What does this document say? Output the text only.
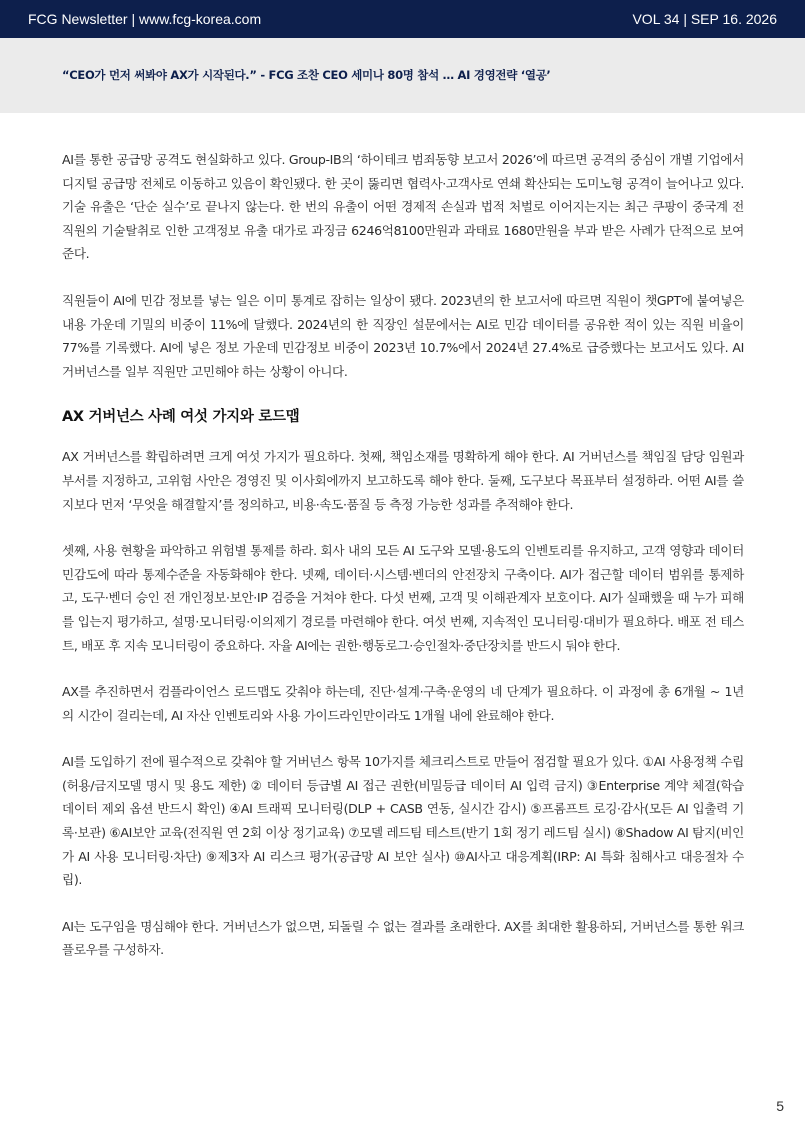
FCG Newsletter | www.fcg-korea.com	VOL 34 | SEP 16. 2026
“CEO가 먼저 써봐야 AX가 시작된다.” - FCG 조찬 CEO 세미나 80명 참석 … AI 경영전략 ‘열공’

AI를 통한 공급망 공격도 현실화하고 있다. Group-IB의 ‘하이테크 범죄동향 보고서 2026’에 따르면 공격의 중심이 개별 기업에서 디지털 공급망 전체로 이동하고 있음이 확인됐다. 한 곳이 뚫리면 협력사·고객사로 연쇄 확산되는 도미노형 공격이 늘어나고 있다. 기술 유출은 ‘단순 실수’로 끝나지 않는다. 한 번의 유출이 어떤 경제적 손실과 법적 처벌로 이어지는지는 최근 쿠팡이 중국계 전 직원의 기술탈취로 인한 고객정보 유출 대가로 과징금 6246억8100만원과 과태료 1680만원을 부과 받은 사례가 단적으로 보여준다.

직원들이 AI에 민감 정보를 넣는 일은 이미 통계로 잡히는 일상이 됐다. 2023년의 한 보고서에 따르면 직원이 챗GPT에 붙여넣은 내용 가운데 기밀의 비중이 11%에 달했다. 2024년의 한 직장인 설문에서는 AI로 민감 데이터를 공유한 적이 있는 직원 비율이 77%를 기록했다. AI에 넣은 정보 가운데 민감정보 비중이 2023년 10.7%에서 2024년 27.4%로 급증했다는 보고서도 있다. AI 거버넌스를 일부 직원만 고민해야 하는 상황이 아니다.

AX 거버넌스 사례 여섯 가지와 로드맵

AX 거버넌스를 확립하려면 크게 여섯 가지가 필요하다. 첫째, 책임소재를 명확하게 해야 한다. AI 거버넌스를 책임질 담당 임원과 부서를 지정하고, 고위험 사안은 경영진 및 이사회에까지 보고하도록 해야 한다. 둘째, 도구보다 목표부터 설정하라. 어떤 AI를 쓸 지보다 먼저 ‘무엇을 해결할지’를 정의하고, 비용·속도·품질 등 측정 가능한 성과를 추적해야 한다.

셋째, 사용 현황을 파악하고 위험별 통제를 하라. 회사 내의 모든 AI 도구와 모델·용도의 인벤토리를 유지하고, 고객 영향과 데이터 민감도에 따라 통제수준을 자동화해야 한다. 넷째, 데이터·시스템·벤더의 안전장치 구축이다. AI가 접근할 데이터 범위를 통제하고, 도구·벤더 승인 전 개인정보·보안·IP 검증을 거쳐야 한다. 다섯 번째, 고객 및 이해관계자 보호이다. AI가 실패했을 때 누가 피해를 입는지 평가하고, 설명·모니터링·이의제기 경로를 마련해야 한다. 여섯 번째, 지속적인 모니터링·대비가 필요하다. 배포 전 테스트, 배포 후 지속 모니터링이 중요하다. 자율 AI에는 권한·행동로그·승인절차·중단장치를 반드시 둬야 한다.

AX를 추진하면서 컴플라이언스 로드맵도 갖춰야 하는데, 진단·설계·구축·운영의 네 단계가 필요하다. 이 과정에 총 6개월 ~ 1년의 시간이 걸리는데, AI 자산 인벤토리와 사용 가이드라인만이라도 1개월 내에 완료해야 한다.

AI를 도입하기 전에 필수적으로 갖춰야 할 거버넌스 항목 10가지를 체크리스트로 만들어 점검할 필요가 있다. ①AI 사용정책 수립(허용/금지모델 명시 및 용도 제한) ② 데이터 등급별 AI 접근 권한(비밀등급 데이터 AI 입력 금지) ③Enterprise 계약 체결(학습 데이터 제외 옵션 반드시 확인) ④AI 트래픽 모니터링(DLP + CASB 연동, 실시간 감시) ⑤프롬프트 로깅·감사(모든 AI 입출력 기록·보관) ⑥AI보안 교육(전직원 연 2회 이상 정기교육) ⑦모델 레드팀 테스트(반기 1회 정기 레드팀 실시) ⑧Shadow AI 탐지(비인가 AI 사용 모니터링·차단) ⑨제3자 AI 리스크 평가(공급망 AI 보안 실사) ⑩AI사고 대응계획(IRP: AI 특화 침해사고 대응절차 수립).

AI는 도구임을 명심해야 한다. 거버넌스가 없으면, 되돌릴 수 없는 결과를 초래한다. AX를 최대한 활용하되, 거버넌스를 통한 워크플로우를 구성하자.

5
